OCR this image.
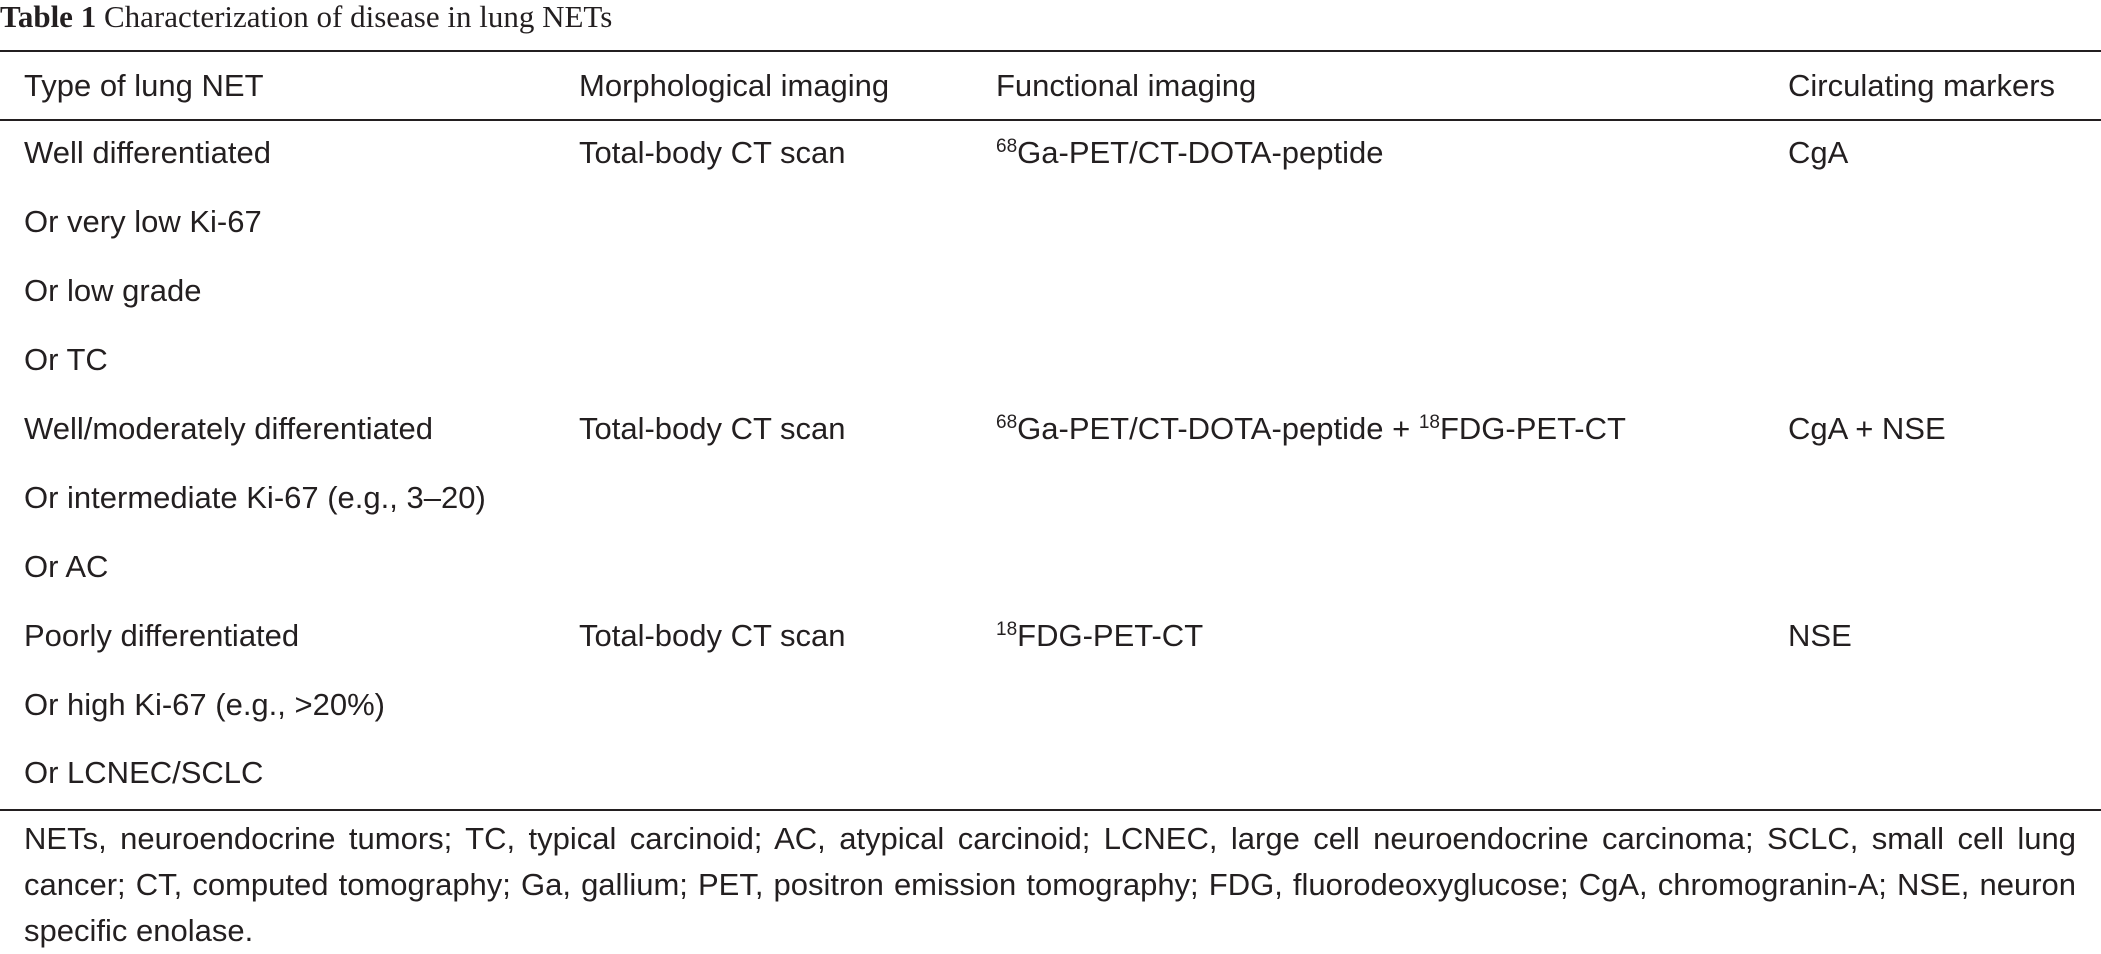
Table 1 Characterization of disease in lung NETs
Type of lung NET	Morphological imaging	Functional imaging	Circulating markers
Well differentiated	Total-body CT scan	$^{68}$Ga-PET/CT-DOTA-peptide	CgA
Or very low Ki-67			
Or low grade			
Or TC			
Well/moderately differentiated	Total-body CT scan	$^{68}$Ga-PET/CT-DOTA-peptide + $^{18}$FDG-PET-CT	CgA + NSE
Or intermediate Ki-67 (e.g., 3–20)			
Or AC			
Poorly differentiated	Total-body CT scan	$^{18}$FDG-PET-CT	NSE
Or high Ki-67 (e.g., >20%)			
Or LCNEC/SCLC			
NETs, neuroendocrine tumors; TC, typical carcinoid; AC, atypical carcinoid; LCNEC, large cell neuroendocrine carcinoma; SCLC, small cell lung cancer; CT, computed tomography; Ga, gallium; PET, positron emission tomography; FDG, fluorodeoxyglucose; CgA, chromogranin-A; NSE, neuron specific enolase.
